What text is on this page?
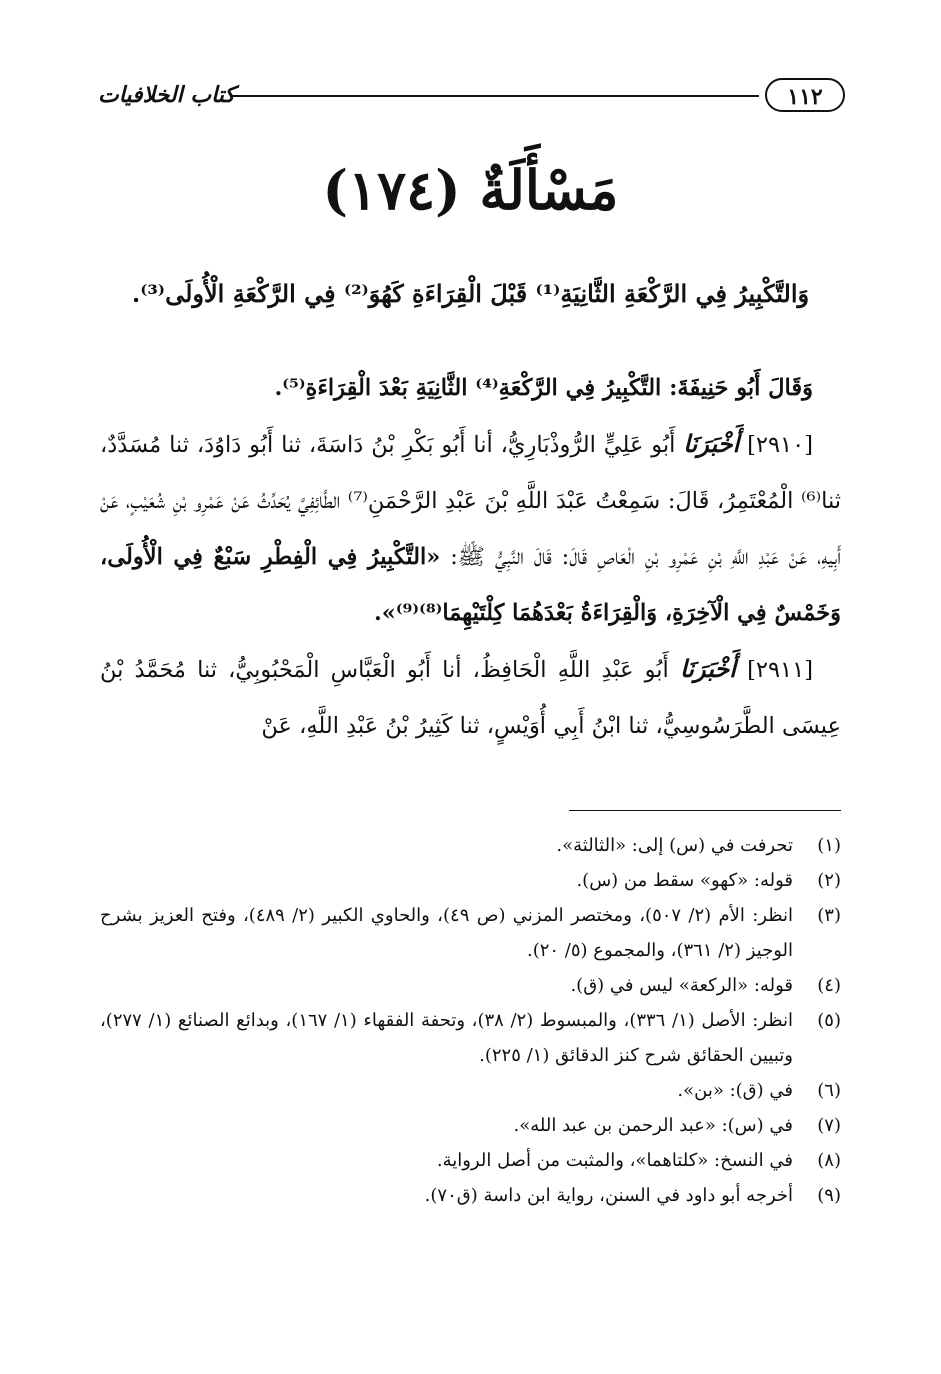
١١٢
كتاب الخلافيات
مَسْأَلَةٌ (١٧٤)
وَالتَّكْبِيرُ فِي الرَّكْعَةِ الثَّانِيَةِ⁽¹⁾ قَبْلَ الْقِرَاءَةِ كَهُوَ⁽²⁾ فِي الرَّكْعَةِ الْأُولَى⁽³⁾.

وَقَالَ أَبُو حَنِيفَةَ: التَّكْبِيرُ فِي الرَّكْعَةِ⁽⁴⁾ الثَّانِيَةِ بَعْدَ الْقِرَاءَةِ⁽⁵⁾.

[٢٩١٠] أَخْبَرَنَا أَبُو عَلِيٍّ الرُّوذْبَارِيُّ، أنا أَبُو بَكْرِ بْنُ دَاسَةَ، ثنا أَبُو دَاوُدَ، ثنا مُسَدَّدٌ، ثنا⁽⁶⁾ الْمُعْتَمِرُ، قَالَ: سَمِعْتُ عَبْدَ اللَّهِ بْنَ عَبْدِ الرَّحْمَنِ⁽⁷⁾ الطَّائِفِيَّ يُحَدِّثُ عَنْ عَمْرِو بْنِ شُعَيْبٍ، عَنْ أَبِيهِ، عَنْ عَبْدِ اللَّهِ بْنِ عَمْرِو بْنِ الْعَاصِ قَالَ: قَالَ النَّبِيُّ ﷺ: «التَّكْبِيرُ فِي الْفِطْرِ سَبْعٌ فِي الْأُولَى، وَخَمْسٌ فِي الْآخِرَةِ، وَالْقِرَاءَةُ بَعْدَهُمَا كِلْتَيْهِمَا⁽⁸⁾⁽⁹⁾».

[٢٩١١] أَخْبَرَنَا أَبُو عَبْدِ اللَّهِ الْحَافِظُ، أنا أَبُو الْعَبَّاسِ الْمَحْبُوبِيُّ، ثنا مُحَمَّدُ بْنُ عِيسَى الطَّرَسُوسِيُّ، ثنا ابْنُ أَبِي أُوَيْسٍ، ثنا كَثِيرُ بْنُ عَبْدِ اللَّهِ، عَنْ

(١)
تحرفت في (س) إلى: «الثالثة».
(٢)
قوله: «كهو» سقط من (س).
(٣)
انظر: الأم (٢/ ٥٠٧)، ومختصر المزني (ص ٤٩)، والحاوي الكبير (٢/ ٤٨٩)، وفتح العزيز بشرح الوجيز (٢/ ٣٦١)، والمجموع (٥/ ٢٠).
(٤)
قوله: «الركعة» ليس في (ق).
(٥)
انظر: الأصل (١/ ٣٣٦)، والمبسوط (٢/ ٣٨)، وتحفة الفقهاء (١/ ١٦٧)، وبدائع الصنائع (١/ ٢٧٧)، وتبيين الحقائق شرح كنز الدقائق (١/ ٢٢٥).
(٦)
في (ق): «بن».
(٧)
في (س): «عبد الرحمن بن عبد الله».
(٨)
في النسخ: «كلتاهما»، والمثبت من أصل الرواية.
(٩)
أخرجه أبو داود في السنن، رواية ابن داسة (ق٧٠).
